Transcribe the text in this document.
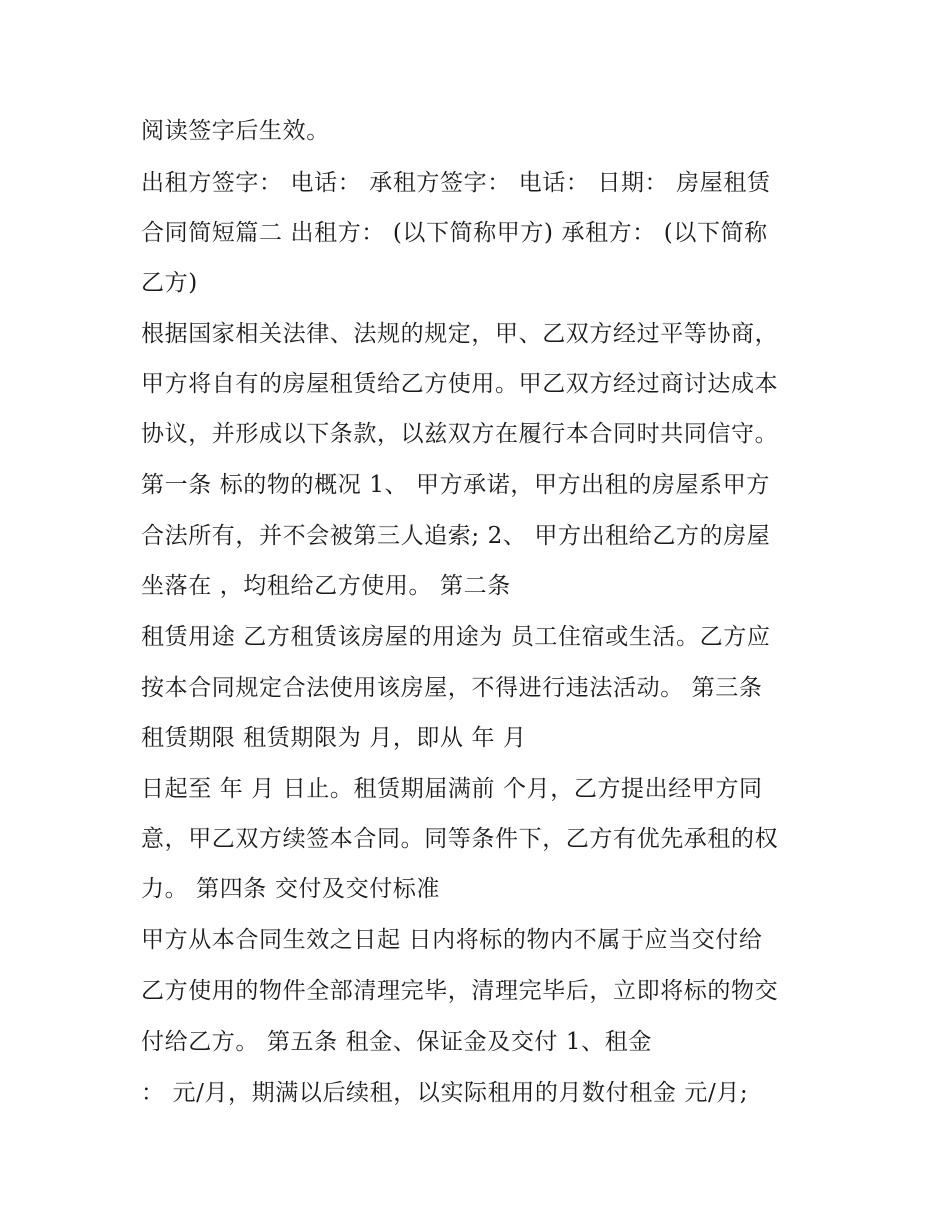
阅读签字后生效。
出租方签字： 电话： 承租方签字： 电话： 日期： 房屋租赁
合同简短篇二 出租方： (以下简称甲方) 承租方： (以下简称
乙方)
根据国家相关法律、法规的规定，甲、乙双方经过平等协商，
甲方将自有的房屋租赁给乙方使用。甲乙双方经过商讨达成本
协议，并形成以下条款，以兹双方在履行本合同时共同信守。
第一条 标的物的概况 1、 甲方承诺，甲方出租的房屋系甲方
合法所有，并不会被第三人追索; 2、 甲方出租给乙方的房屋
坐落在 ，均租给乙方使用。 第二条
租赁用途 乙方租赁该房屋的用途为 员工住宿或生活。乙方应
按本合同规定合法使用该房屋，不得进行违法活动。 第三条
租赁期限 租赁期限为 月，即从 年 月
日起至 年 月 日止。租赁期届满前 个月，乙方提出经甲方同
意，甲乙双方续签本合同。同等条件下，乙方有优先承租的权
力。 第四条 交付及交付标准
甲方从本合同生效之日起 日内将标的物内不属于应当交付给
乙方使用的物件全部清理完毕，清理完毕后，立即将标的物交
付给乙方。 第五条 租金、保证金及交付 1、租金
： 元/月，期满以后续租，以实际租用的月数付租金 元/月;
